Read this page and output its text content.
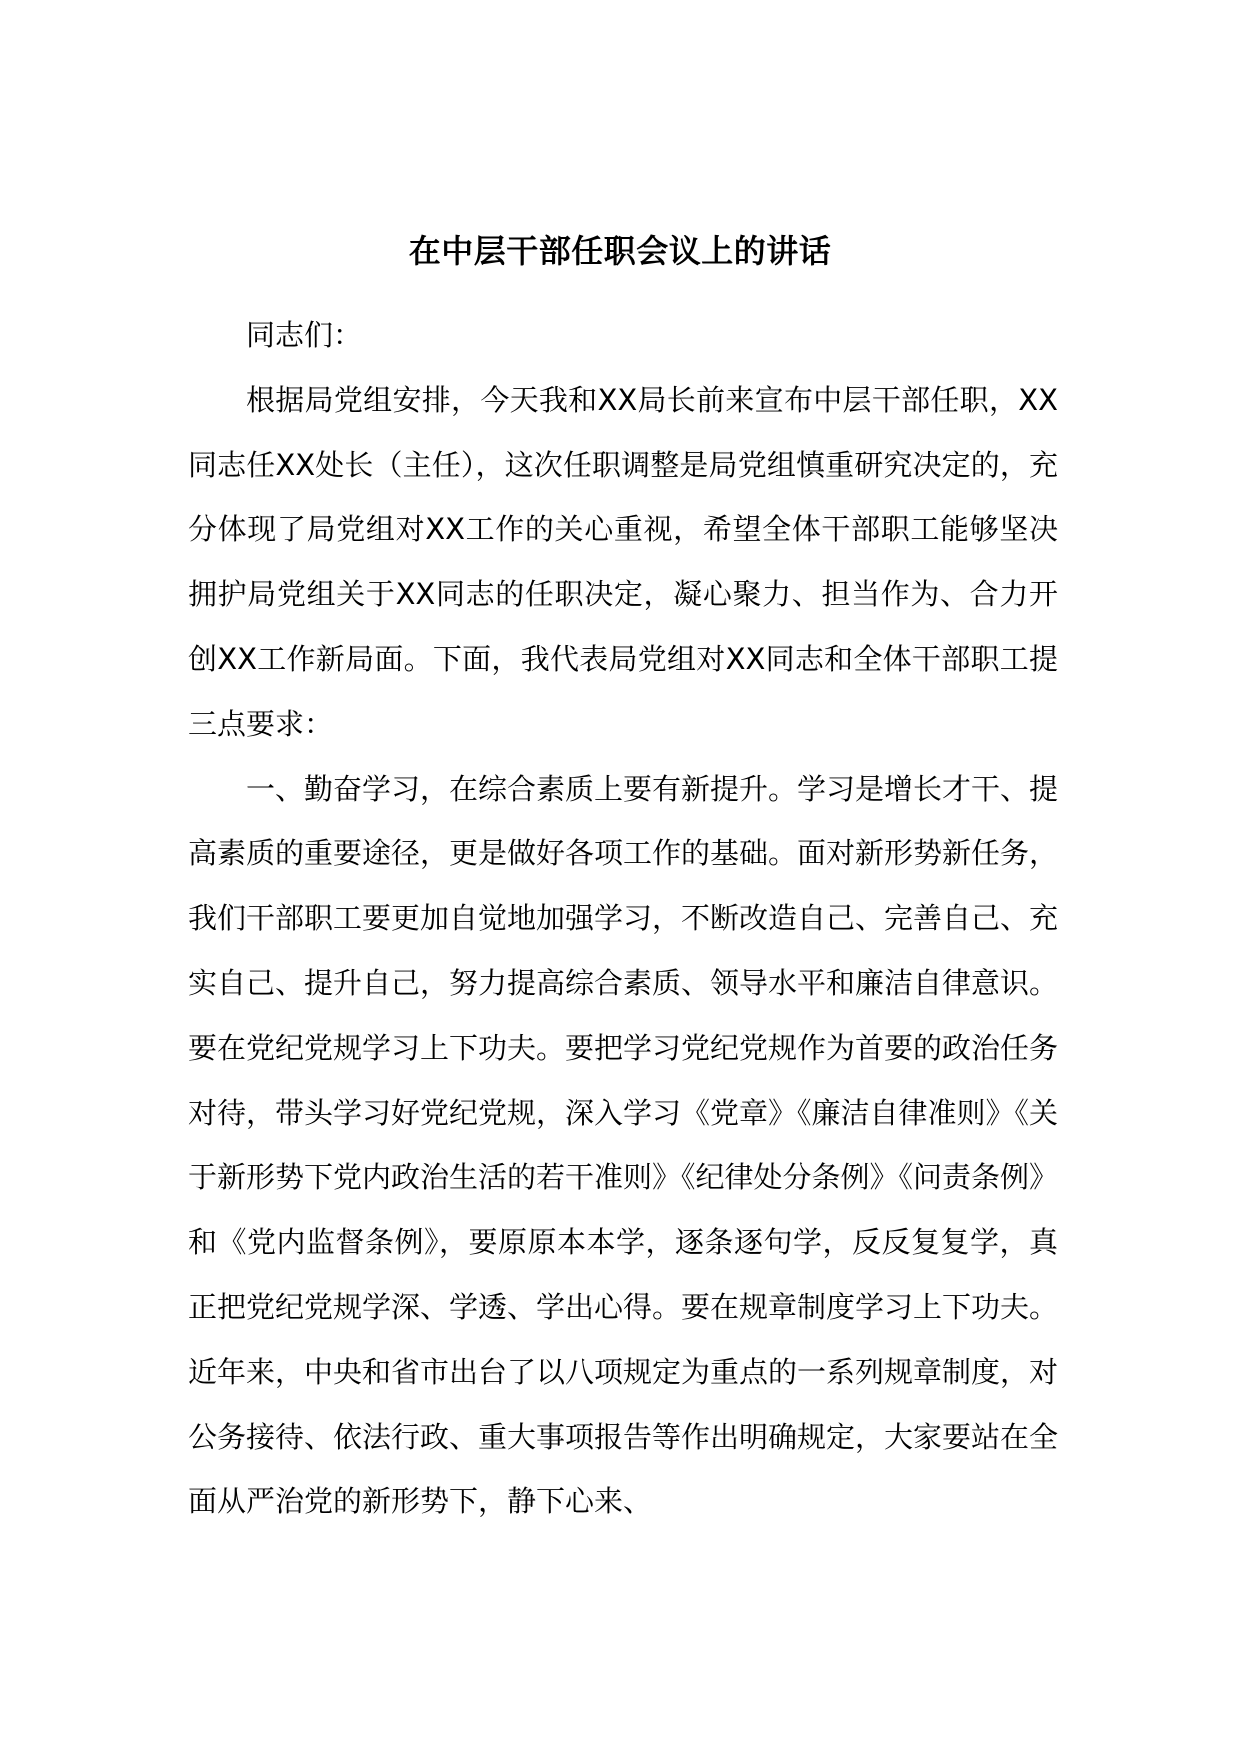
在中层干部任职会议上的讲话

同志们：

根据局党组安排，今天我和XX局长前来宣布中层干部任职，XX同志任XX处长（主任），这次任职调整是局党组慎重研究决定的，充分体现了局党组对XX工作的关心重视，希望全体干部职工能够坚决拥护局党组关于XX同志的任职决定，凝心聚力、担当作为、合力开创XX工作新局面。下面，我代表局党组对XX同志和全体干部职工提三点要求：

一、勤奋学习，在综合素质上要有新提升。学习是增长才干、提高素质的重要途径，更是做好各项工作的基础。面对新形势新任务，我们干部职工要更加自觉地加强学习，不断改造自己、完善自己、充实自己、提升自己，努力提高综合素质、领导水平和廉洁自律意识。要在党纪党规学习上下功夫。要把学习党纪党规作为首要的政治任务对待，带头学习好党纪党规，深入学习《党章》《廉洁自律准则》《关于新形势下党内政治生活的若干准则》《纪律处分条例》《问责条例》和《党内监督条例》，要原原本本学，逐条逐句学，反反复复学，真正把党纪党规学深、学透、学出心得。要在规章制度学习上下功夫。近年来，中央和省市出台了以八项规定为重点的一系列规章制度，对公务接待、依法行政、重大事项报告等作出明确规定，大家要站在全面从严治党的新形势下，静下心来、
